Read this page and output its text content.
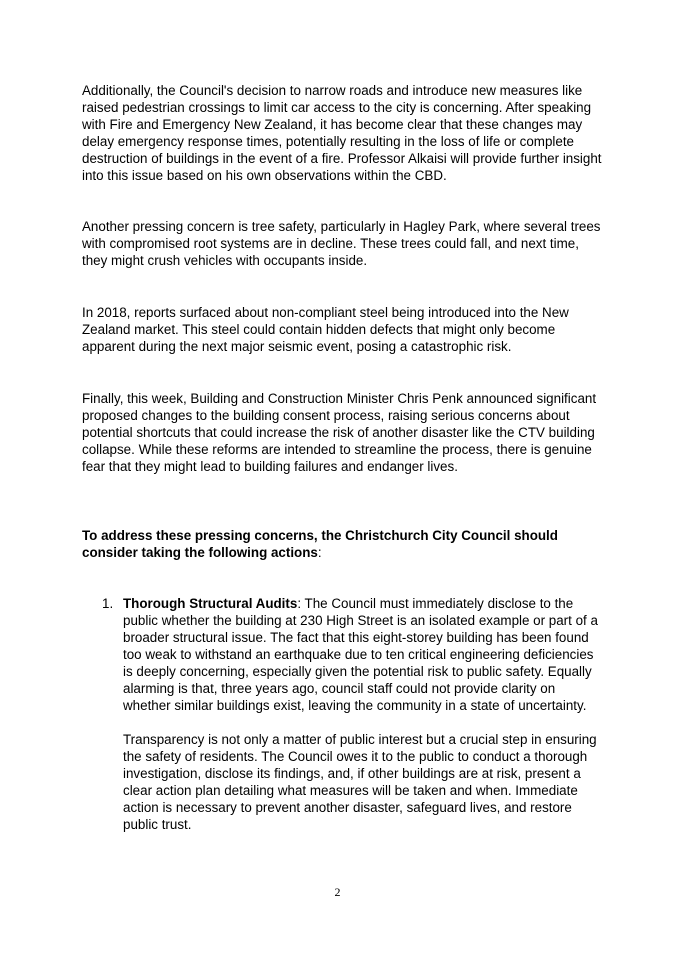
Additionally, the Council's decision to narrow roads and introduce new measures like raised pedestrian crossings to limit car access to the city is concerning. After speaking with Fire and Emergency New Zealand, it has become clear that these changes may delay emergency response times, potentially resulting in the loss of life or complete destruction of buildings in the event of a fire. Professor Alkaisi will provide further insight into this issue based on his own observations within the CBD.

Another pressing concern is tree safety, particularly in Hagley Park, where several trees with compromised root systems are in decline. These trees could fall, and next time, they might crush vehicles with occupants inside.

In 2018, reports surfaced about non-compliant steel being introduced into the New Zealand market. This steel could contain hidden defects that might only become apparent during the next major seismic event, posing a catastrophic risk.

Finally, this week, Building and Construction Minister Chris Penk announced significant proposed changes to the building consent process, raising serious concerns about potential shortcuts that could increase the risk of another disaster like the CTV building collapse. While these reforms are intended to streamline the process, there is genuine fear that they might lead to building failures and endanger lives.

To address these pressing concerns, the Christchurch City Council should consider taking the following actions:

1. Thorough Structural Audits: The Council must immediately disclose to the public whether the building at 230 High Street is an isolated example or part of a broader structural issue. The fact that this eight-storey building has been found too weak to withstand an earthquake due to ten critical engineering deficiencies is deeply concerning, especially given the potential risk to public safety. Equally alarming is that, three years ago, council staff could not provide clarity on whether similar buildings exist, leaving the community in a state of uncertainty.

Transparency is not only a matter of public interest but a crucial step in ensuring the safety of residents. The Council owes it to the public to conduct a thorough investigation, disclose its findings, and, if other buildings are at risk, present a clear action plan detailing what measures will be taken and when. Immediate action is necessary to prevent another disaster, safeguard lives, and restore public trust.

2
